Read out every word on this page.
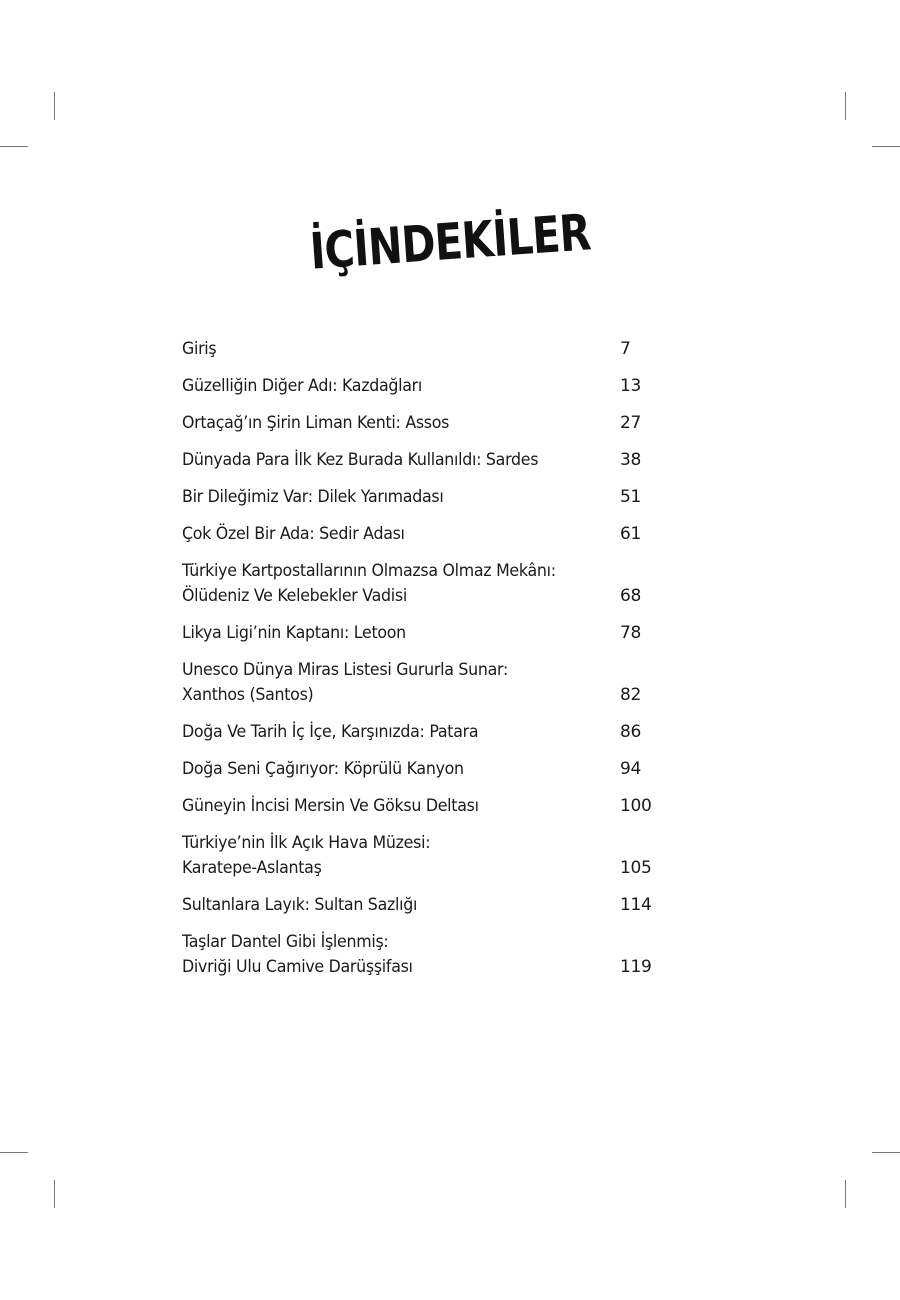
İÇİNDEKİLER
Giriş	7
Güzelliğin Diğer Adı: Kazdağları	13
Ortaçağ’ın Şirin Liman Kenti: Assos	27
Dünyada Para İlk Kez Burada Kullanıldı: Sardes	38
Bir Dileğimiz Var: Dilek Yarımadası	51
Çok Özel Bir Ada: Sedir Adası	61
Türkiye Kartpostallarının Olmazsa Olmaz Mekânı:
Ölüdeniz Ve Kelebekler Vadisi	68
Likya Ligi’nin Kaptanı: Letoon	78
Unesco Dünya Miras Listesi Gururla Sunar:
Xanthos (Santos)	82
Doğa Ve Tarih İç İçe, Karşınızda: Patara	86
Doğa Seni Çağırıyor: Köprülü Kanyon	94
Güneyin İncisi Mersin Ve Göksu Deltası	100
Türkiye’nin İlk Açık Hava Müzesi:
Karatepe-Aslantaş	105
Sultanlara Layık: Sultan Sazlığı	114
Taşlar Dantel Gibi İşlenmiş:
Divriği Ulu Camive Darüşşifası	119
